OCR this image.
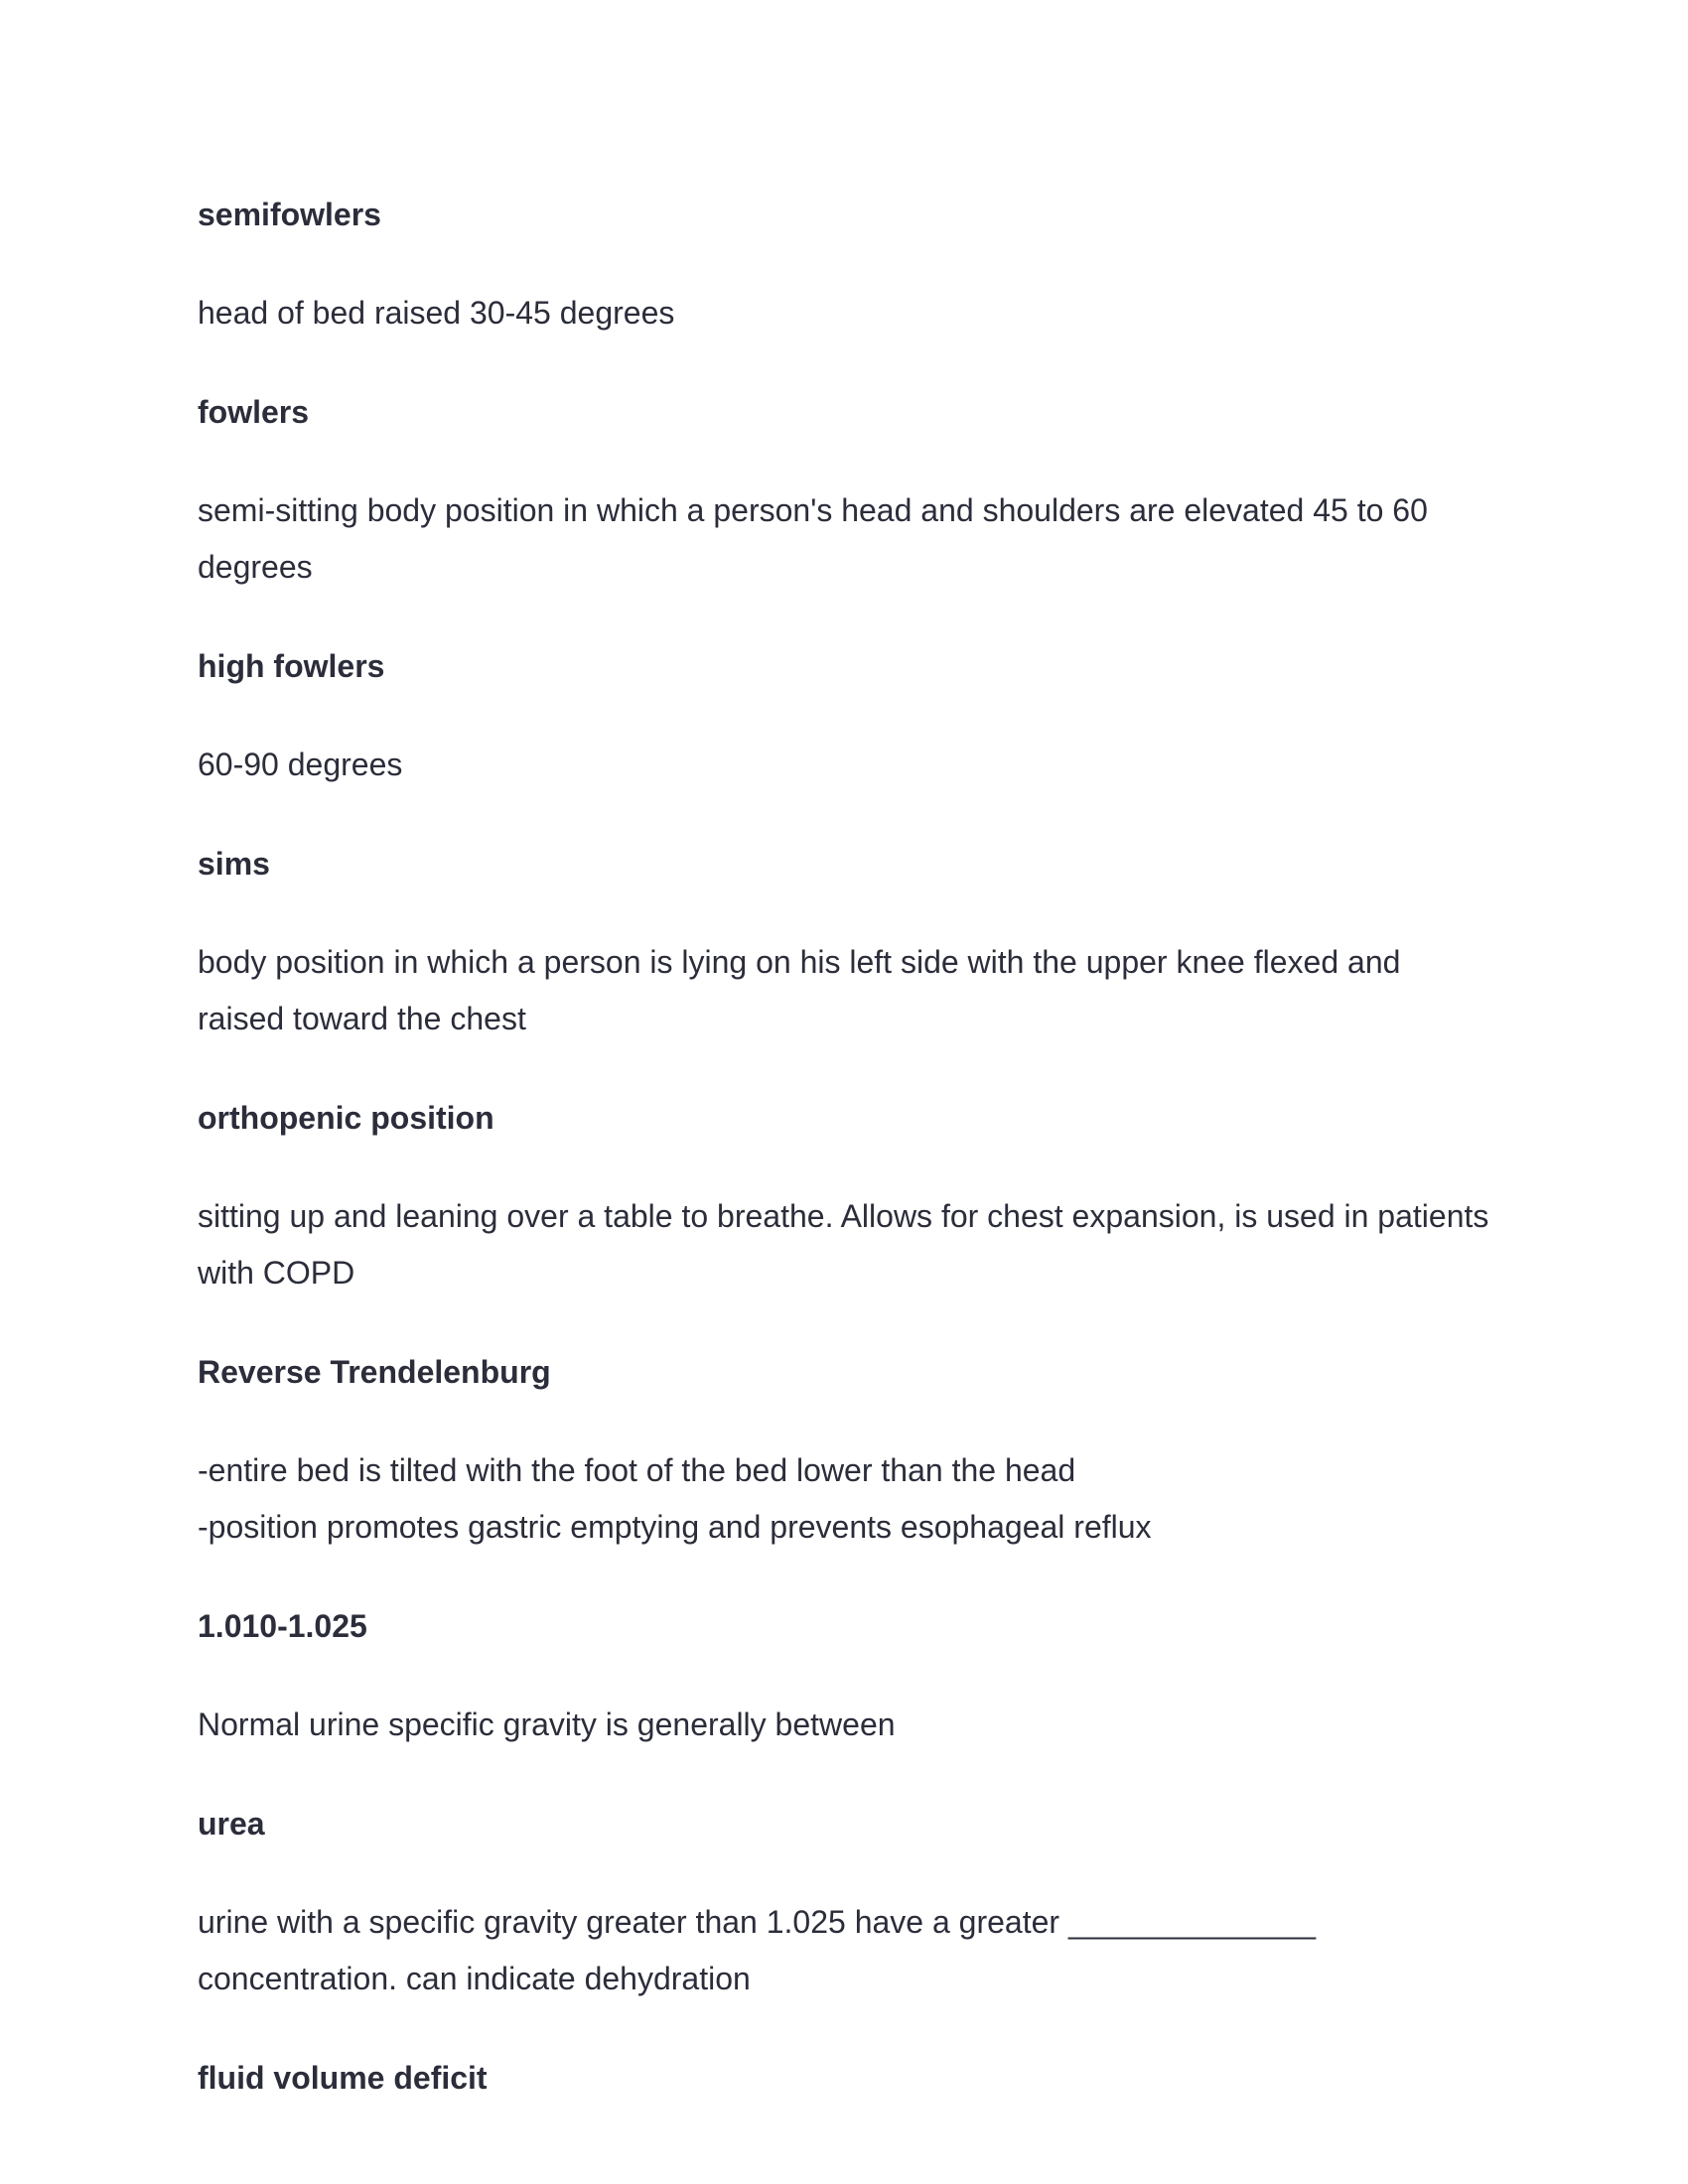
semifowlers

head of bed raised 30-45 degrees

fowlers

semi-sitting body position in which a person's head and shoulders are elevated 45 to 60 degrees

high fowlers

60-90 degrees

sims

body position in which a person is lying on his left side with the upper knee flexed and raised toward the chest

orthopenic position

sitting up and leaning over a table to breathe. Allows for chest expansion, is used in patients with COPD

Reverse Trendelenburg

-entire bed is tilted with the foot of the bed lower than the head
-position promotes gastric emptying and prevents esophageal reflux

1.010-1.025

Normal urine specific gravity is generally between

urea

urine with a specific gravity greater than 1.025 have a greater ______________ concentration. can indicate dehydration

fluid volume deficit
